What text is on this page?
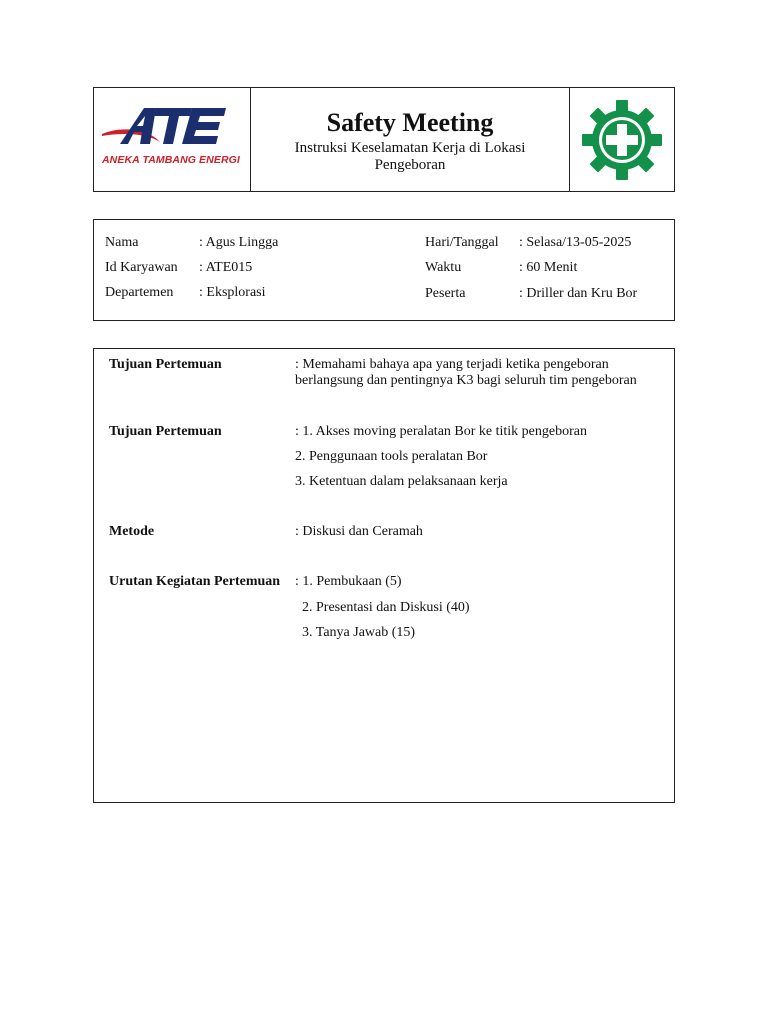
ANEKA TAMBANG ENERGI
Safety Meeting
Instruksi Keselamatan Kerja di Lokasi Pengeboran
Nama	: Agus Lingga
Id Karyawan : ATE015
Departemen : Eksplorasi
Hari/Tanggal : Selasa/13-05-2025
Waktu	: 60 Menit
Peserta	: Driller dan Kru Bor
Tujuan Pertemuan	: Memahami bahaya apa yang terjadi ketika pengeboran
berlangsung dan pentingnya K3 bagi seluruh tim pengeboran
Tujuan Pertemuan	: 1. Akses moving peralatan Bor ke titik pengeboran
2. Penggunaan tools peralatan Bor
3. Ketentuan dalam pelaksanaan kerja
Metode	: Diskusi dan Ceramah
Urutan Kegiatan Pertemuan : 1. Pembukaan (5)
2. Presentasi dan Diskusi (40)
3. Tanya Jawab (15)
